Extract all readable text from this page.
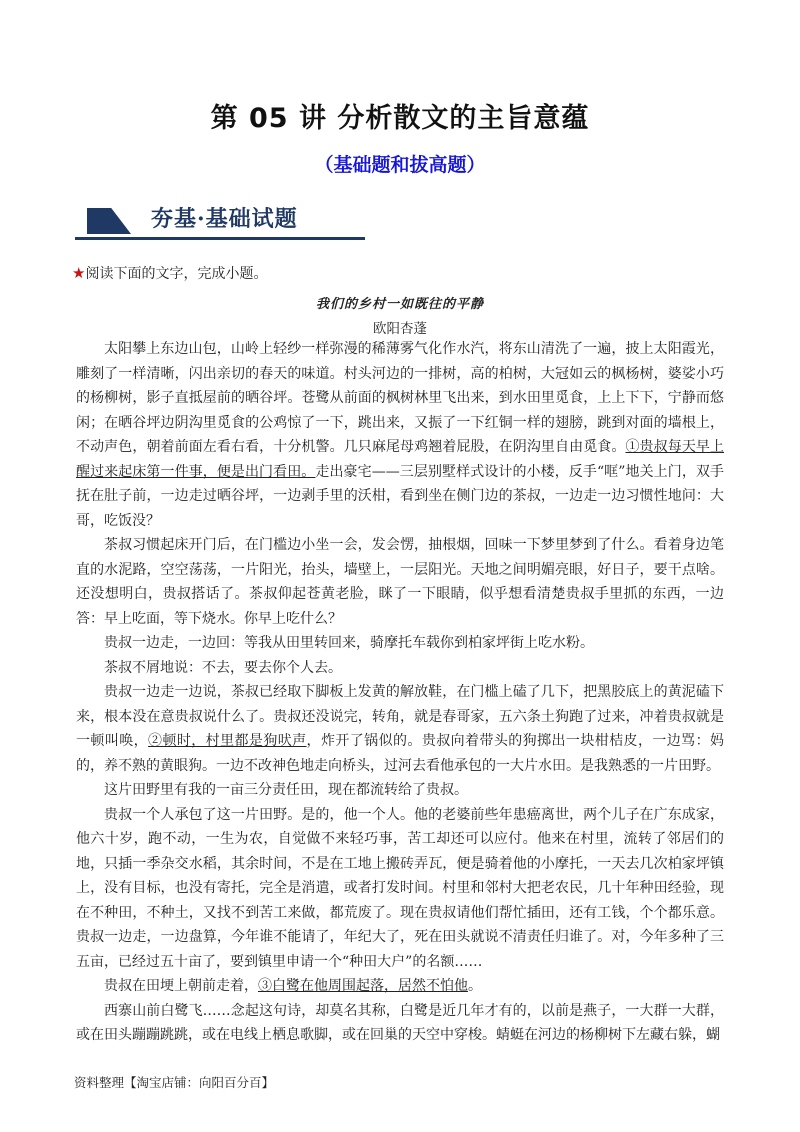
第 05 讲 分析散文的主旨意蕴
（基础题和拔高题）
夯基·基础试题
★阅读下面的文字，完成小题。
我们的乡村一如既往的平静
欧阳杏蓬

太阳攀上东边山包，山岭上轻纱一样弥漫的稀薄雾气化作水汽，将东山清洗了一遍，披上太阳霞光，雕刻了一样清晰，闪出亲切的春天的味道。村头河边的一排树，高的柏树，大冠如云的枫杨树，婆娑小巧的杨柳树，影子直抵屋前的晒谷坪。苍鹭从前面的枫树林里飞出来，到水田里觅食，上上下下，宁静而悠闲；在晒谷坪边阴沟里觅食的公鸡惊了一下，跳出来，又振了一下红铜一样的翅膀，跳到对面的墙根上，不动声色，朝着前面左看右看，十分机警。几只麻尾母鸡翘着屁股，在阴沟里自由觅食。①贵叔每天早上醒过来起床第一件事，便是出门看田。走出豪宅——三层别墅样式设计的小楼，反手“哐”地关上门，双手抚在肚子前，一边走过晒谷坪，一边剥手里的沃柑，看到坐在侧门边的茶叔，一边走一边习惯性地问：大哥，吃饭没？

茶叔习惯起床开门后，在门槛边小坐一会，发会愣，抽根烟，回味一下梦里梦到了什么。看着身边笔直的水泥路，空空荡荡，一片阳光，抬头，墙壁上，一层阳光。天地之间明媚亮眼，好日子，要干点啥。还没想明白，贵叔搭话了。茶叔仰起苍黄老脸，眯了一下眼睛，似乎想看清楚贵叔手里抓的东西，一边答：早上吃面，等下烧水。你早上吃什么？

贵叔一边走，一边回：等我从田里转回来，骑摩托车载你到柏家坪街上吃水粉。

茶叔不屑地说：不去，要去你个人去。

贵叔一边走一边说，茶叔已经取下脚板上发黄的解放鞋，在门槛上磕了几下，把黑胶底上的黄泥磕下来，根本没在意贵叔说什么了。贵叔还没说完，转角，就是春哥家，五六条土狗跑了过来，冲着贵叔就是一顿叫唤，②顿时，村里都是狗吠声，炸开了锅似的。贵叔向着带头的狗掷出一块柑桔皮，一边骂：妈的，养不熟的黄眼狗。一边不改神色地走向桥头，过河去看他承包的一大片水田。是我熟悉的一片田野。

这片田野里有我的一亩三分责任田，现在都流转给了贵叔。

贵叔一个人承包了这一片田野。是的，他一个人。他的老婆前些年患癌离世，两个儿子在广东成家，他六十岁，跑不动，一生为农，自觉做不来轻巧事，苦工却还可以应付。他来在村里，流转了邻居们的地，只插一季杂交水稻，其余时间，不是在工地上搬砖弄瓦，便是骑着他的小摩托，一天去几次柏家坪镇上，没有目标，也没有寄托，完全是消遣，或者打发时间。村里和邻村大把老农民，几十年种田经验，现在不种田，不种土，又找不到苦工来做，都荒废了。现在贵叔请他们帮忙插田，还有工钱，个个都乐意。贵叔一边走，一边盘算，今年谁不能请了，年纪大了，死在田头就说不清责任归谁了。对，今年多种了三五亩，已经过五十亩了，要到镇里申请一个“种田大户”的名额……

贵叔在田埂上朝前走着，③白鹭在他周围起落，居然不怕他。

西寨山前白鹭飞……念起这句诗，却莫名其称，白鹭是近几年才有的，以前是燕子，一大群一大群，或在田头蹦蹦跳跳，或在电线上栖息歌脚，或在回巢的天空中穿梭。蜻蜓在河边的杨柳树下左藏右躲，蝴

资料整理【淘宝店铺：向阳百分百】
